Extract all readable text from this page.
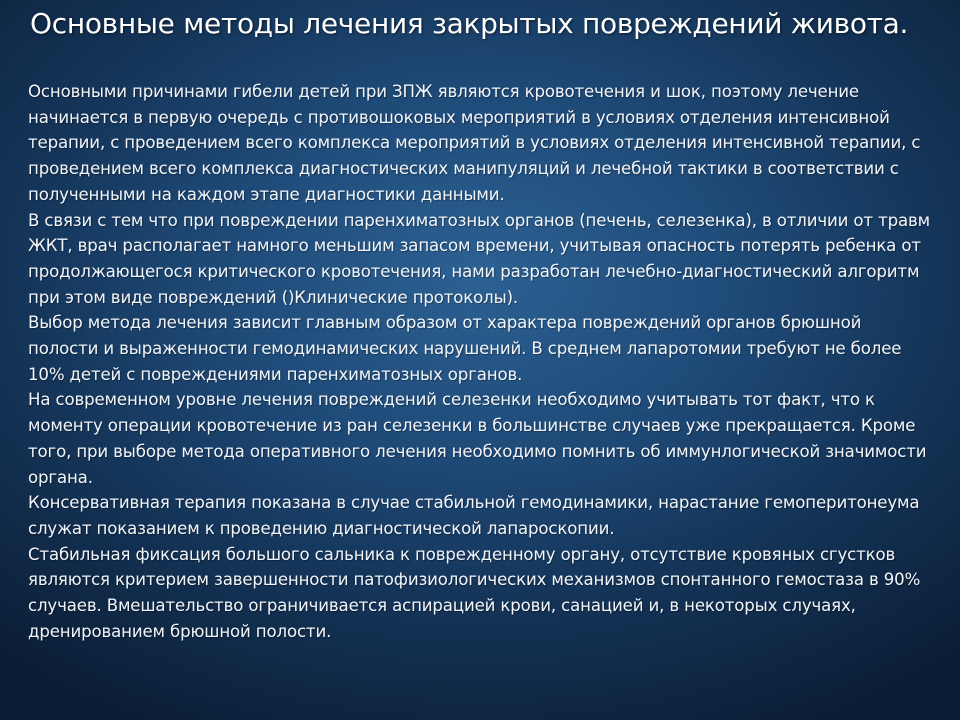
Основные методы лечения закрытых повреждений живота.

Основными причинами гибели детей при ЗПЖ являются кровотечения и шок, поэтому лечение начинается в первую очередь с противошоковых мероприятий в условиях отделения интенсивной терапии, с проведением всего комплекса мероприятий в условиях отделения интенсивной терапии, с проведением всего комплекса диагностических манипуляций и лечебной тактики в соответствии с полученными на каждом этапе диагностики данными.

В связи с тем что при повреждении паренхиматозных органов (печень, селезенка), в отличии от травм ЖКТ, врач располагает намного меньшим запасом времени, учитывая опасность потерять ребенка от продолжающегося критического кровотечения, нами разработан лечебно-диагностический алгоритм при этом виде повреждений ()Клинические протоколы).

Выбор метода лечения зависит главным образом от характера повреждений органов брюшной полости и выраженности гемодинамических нарушений. В среднем лапаротомии требуют не более 10% детей с повреждениями паренхиматозных органов.

На современном уровне лечения повреждений селезенки необходимо учитывать тот факт, что к моменту операции кровотечение из ран селезенки в большинстве случаев уже прекращается. Кроме того, при выборе метода оперативного лечения необходимо помнить об иммунлогической значимости органа.

Консервативная терапия показана в случае стабильной гемодинамики, нарастание гемоперитонеума служат показанием к проведению диагностической лапароскопии.

Стабильная фиксация большого сальника к поврежденному органу, отсутствие кровяных сгустков являются критерием завершенности патофизиологических механизмов спонтанного гемостаза в 90% случаев. Вмешательство ограничивается аспирацией крови, санацией и, в некоторых случаях, дренированием брюшной полости.
